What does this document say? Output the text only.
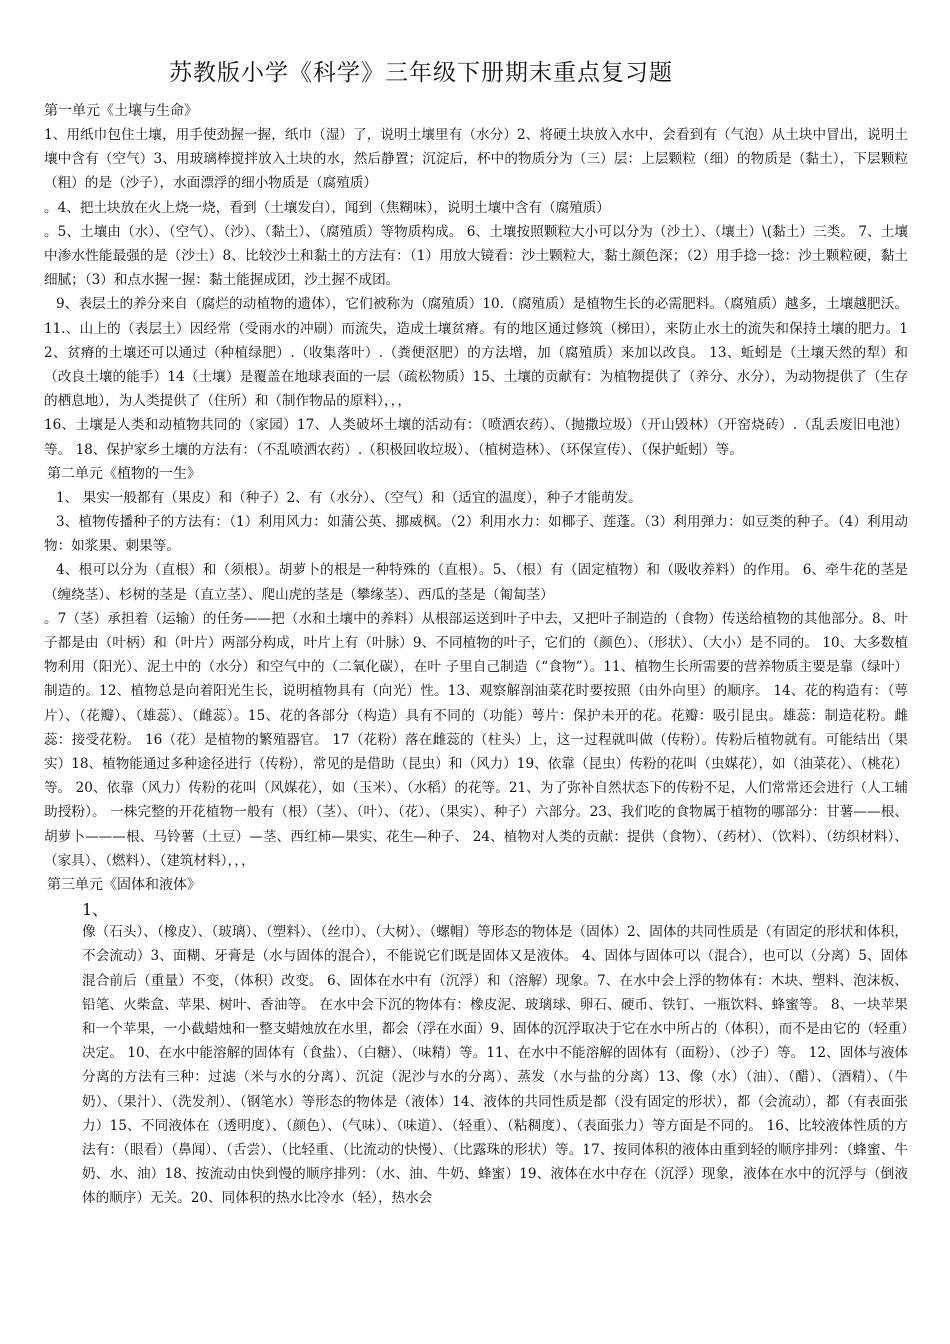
苏教版小学《科学》三年级下册期末重点复习题

第一单元《土壤与生命》

1、用纸巾包住土壤，用手使劲握一握，纸巾（湿）了，说明土壤里有（水分）2、将硬土块放入水中，会看到有（气泡）从土块中冒出，说明土壤中含有（空气）3、用玻璃棒搅拌放入土块的水，然后静置；沉淀后，杯中的物质分为（三）层：上层颗粒（细）的物质是（黏土），下层颗粒（粗）的是（沙子），水面漂浮的细小物质是（腐殖质）

。4、把土块放在火上烧一烧，看到（土壤发白），闻到（焦糊味），说明土壤中含有（腐殖质）

。5、土壤由（水）、（空气）、（沙）、（黏土）、（腐殖质）等物质构成。 6、土壤按照颗粒大小可以分为（沙土）、（壤土）\(黏土）三类。 7、土壤中渗水性能最强的是（沙土）8、比较沙土和黏土的方法有：（1）用放大镜看：沙土颗粒大，黏土颜色深；（2）用手捻一捻：沙土颗粒硬，黏土细腻；（3）和点水握一握：黏土能握成团，沙土握不成团。

9、表层土的养分来自（腐烂的动植物的遗体），它们被称为（腐殖质）10.（腐殖质）是植物生长的必需肥料。（腐殖质）越多，土壤越肥沃。11.、山上的（表层土）因经常（受雨水的冲刷）而流失，造成土壤贫瘠。有的地区通过修筑（梯田），来防止水土的流失和保持土壤的肥力。12、贫瘠的土壤还可以通过（种植绿肥）.（收集落叶）.（粪便沤肥）的方法增，加（腐殖质）来加以改良。 13、蚯蚓是（土壤天然的犁）和（改良土壤的能手）14（土壤）是覆盖在地球表面的一层（疏松物质）15、土壤的贡献有：为植物提供了（养分、水分），为动物提供了（生存的栖息地），为人类提供了（住所）和（制作物品的原料），，，

16、土壤是人类和动植物共同的（家园）17、人类破坏土壤的活动有：（喷洒农药）、（抛撒垃圾）（开山毁林）（开窑烧砖）.（乱丢废旧电池）等。 18、保护家乡土壤的方法有：（不乱喷洒农药）.（积极回收垃圾）、（植树造林）、（环保宣传）、（保护蚯蚓）等。

第二单元《植物的一生》

1、 果实一般都有（果皮）和（种子）2、有（水分）、（空气）和（适宜的温度），种子才能萌发。

3、植物传播种子的方法有：（1）利用风力：如蒲公英、挪威枫。（2）利用水力：如椰子、莲蓬。（3）利用弹力：如豆类的种子。（4）利用动物：如浆果、刺果等。

4、根可以分为（直根）和（须根）。胡萝卜的根是一种特殊的（直根）。5、（根）有（固定植物）和（吸收养料）的作用。 6、牵牛花的茎是（缠绕茎）、杉树的茎是（直立茎）、爬山虎的茎是（攀缘茎）、西瓜的茎是（匍匐茎）

。7（茎）承担着（运输）的任务——把（水和土壤中的养料）从根部运送到叶子中去，又把叶子制造的（食物）传送给植物的其他部分。8、叶子都是由（叶柄）和（叶片）两部分构成，叶片上有（叶脉）9、不同植物的叶子，它们的（颜色）、（形状）、（大小）是不同的。 10、大多数植物利用（阳光）、泥土中的（水分）和空气中的（二氧化碳），在叶 子里自己制造（“食物”）。11、植物生长所需要的营养物质主要是靠（绿叶）制造的。12、植物总是向着阳光生长，说明植物具有（向光）性。13、观察解剖油菜花时要按照（由外向里）的顺序。 14、花的构造有：（萼片）、（花瓣）、（雄蕊）、（雌蕊）。15、花的各部分（构造）具有不同的（功能）萼片：保护未开的花。花瓣：吸引昆虫。雄蕊：制造花粉。雌蕊：接受花粉。 16（花）是植物的繁殖器官。 17（花粉）落在雌蕊的（柱头）上，这一过程就叫做（传粉）。传粉后植物就有。可能结出（果实）18、植物能通过多种途径进行（传粉），常见的是借助（昆虫）和（风力）19、依靠（昆虫）传粉的花叫（虫媒花），如（油菜花）、（桃花）等。 20、依靠（风力）传粉的花叫（风媒花），如（玉米）、（水稻）的花等。21、为了弥补自然状态下的传粉不足，人们常常还会进行（人工辅助授粉）。 一株完整的开花植物一般有（根）（茎）、（叶）、（花）、（果实）、种子）六部分。23、我们吃的食物属于植物的哪部分：甘薯——根、胡萝卜———根、马铃薯（土豆）—茎、西红柿—果实、花生—种子、 24、植物对人类的贡献：提供（食物）、（药材）、（饮料）、（纺织材料）、（家具）、（燃料）、（建筑材料），，，

第三单元《固体和液体》

1、

像（石头）、（橡皮）、（玻璃）、（塑料）、（丝巾）、（大树）、（螺帽）等形态的物体是（固体）2、固体的共同性质是（有固定的形状和体积，不会流动）3、面糊、牙膏是（水与固体的混合），不能说它们既是固体又是液体。 4、固体与固体可以（混合），也可以（分离）5、固体混合前后（重量）不变，（体积）改变。 6、固体在水中有（沉浮）和（溶解）现象。7、在水中会上浮的物体有：木块、塑料、泡沫板、铅笔、火柴盒、苹果、树叶、香油等。 在水中会下沉的物体有：橡皮泥、玻璃球、卵石、硬币、铁钉、一瓶饮料、蜂蜜等。 8、一块苹果和一个苹果，一小截蜡烛和一整支蜡烛放在水里，都会（浮在水面）9、固体的沉浮取决于它在水中所占的（体积），而不是由它的（轻重）决定。 10、在水中能溶解的固体有（食盐）、（白糖）、（味精）等。11、在水中不能溶解的固体有（面粉）、（沙子）等。 12、固体与液体分离的方法有三种：过滤（米与水的分离）、沉淀（泥沙与水的分离）、蒸发（水与盐的分离）13、像（水）（油）、（醋）、（酒精）、（牛奶）、（果汁）、（洗发剂）、（钢笔水）等形态的物体是（液体）14、液体的共同性质是都（没有固定的形状），都（会流动），都（有表面张力）15、不同液体在（透明度）、（颜色）、（气味）、（味道）、（轻重）、（粘稠度）、（表面张力）等方面是不同的。 16、比较液体性质的方法有：（眼看）（鼻闻）、（舌尝）、（比轻重、（比流动的快慢）、（比露珠的形状）等。17、按同体积的液体由重到轻的顺序排列：（蜂蜜、牛奶、水、油）18、按流动由快到慢的顺序排列：（水、油、牛奶、蜂蜜）19、液体在水中存在（沉浮）现象，液体在水中的沉浮与（倒液体的顺序）无关。20、同体积的热水比冷水（轻），热水会
